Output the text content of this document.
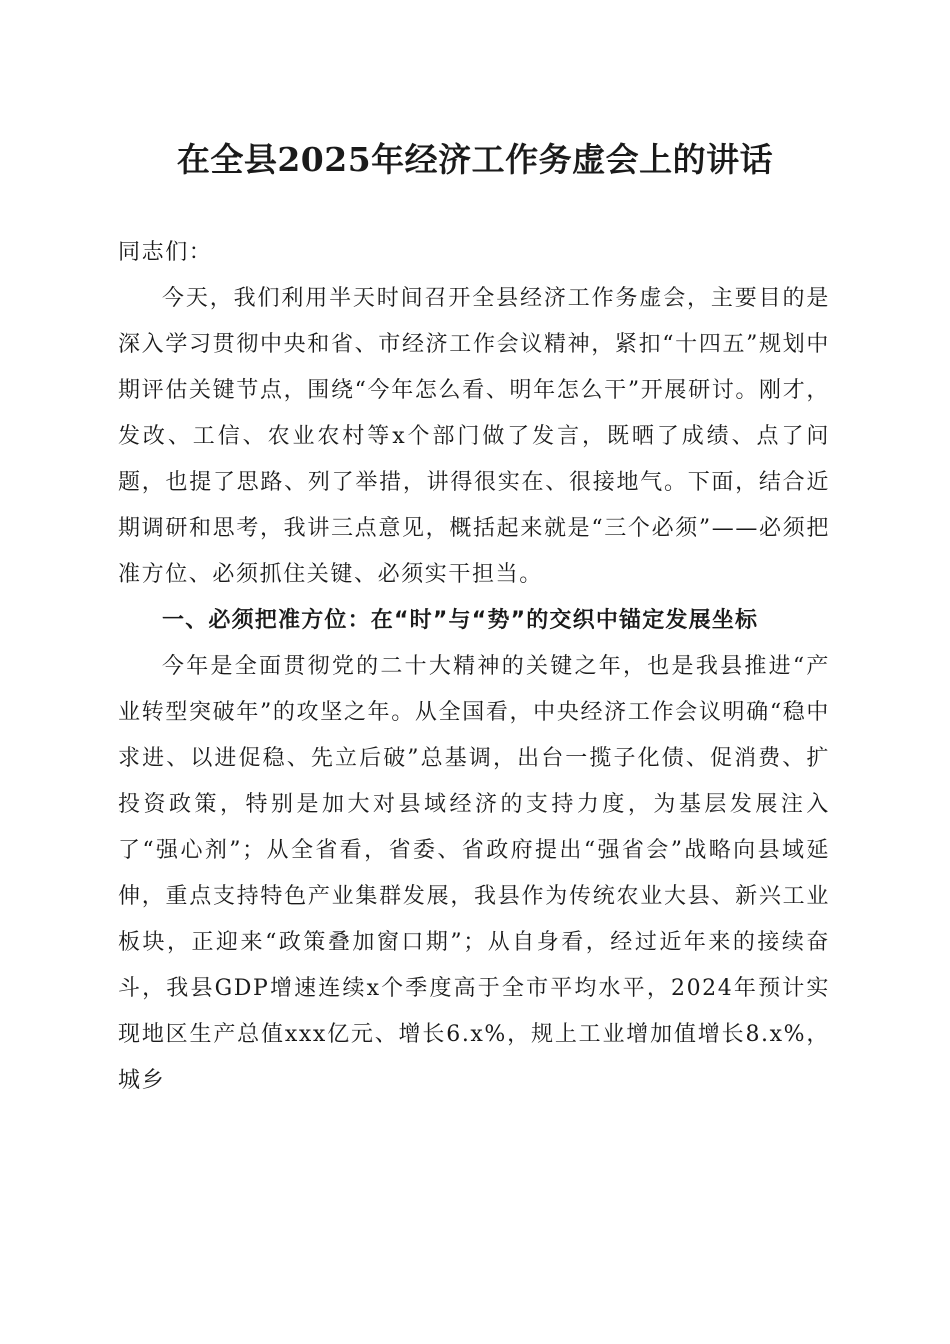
在全县2025年经济工作务虚会上的讲话

同志们：

今天，我们利用半天时间召开全县经济工作务虚会，主要目的是深入学习贯彻中央和省、市经济工作会议精神，紧扣“十四五”规划中期评估关键节点，围绕“今年怎么看、明年怎么干”开展研讨。刚才，发改、工信、农业农村等x个部门做了发言，既晒了成绩、点了问题，也提了思路、列了举措，讲得很实在、很接地气。下面，结合近期调研和思考，我讲三点意见，概括起来就是“三个必须”——必须把准方位、必须抓住关键、必须实干担当。

一、必须把准方位：在“时”与“势”的交织中锚定发展坐标

今年是全面贯彻党的二十大精神的关键之年，也是我县推进“产业转型突破年”的攻坚之年。从全国看，中央经济工作会议明确“稳中求进、以进促稳、先立后破”总基调，出台一揽子化债、促消费、扩投资政策，特别是加大对县域经济的支持力度，为基层发展注入了“强心剂”；从全省看，省委、省政府提出“强省会”战略向县域延伸，重点支持特色产业集群发展，我县作为传统农业大县、新兴工业板块，正迎来“政策叠加窗口期”；从自身看，经过近年来的接续奋斗，我县GDP增速连续x个季度高于全市平均水平，2024年预计实现地区生产总值xxx亿元、增长6.x%，规上工业增加值增长8.x%，城乡
